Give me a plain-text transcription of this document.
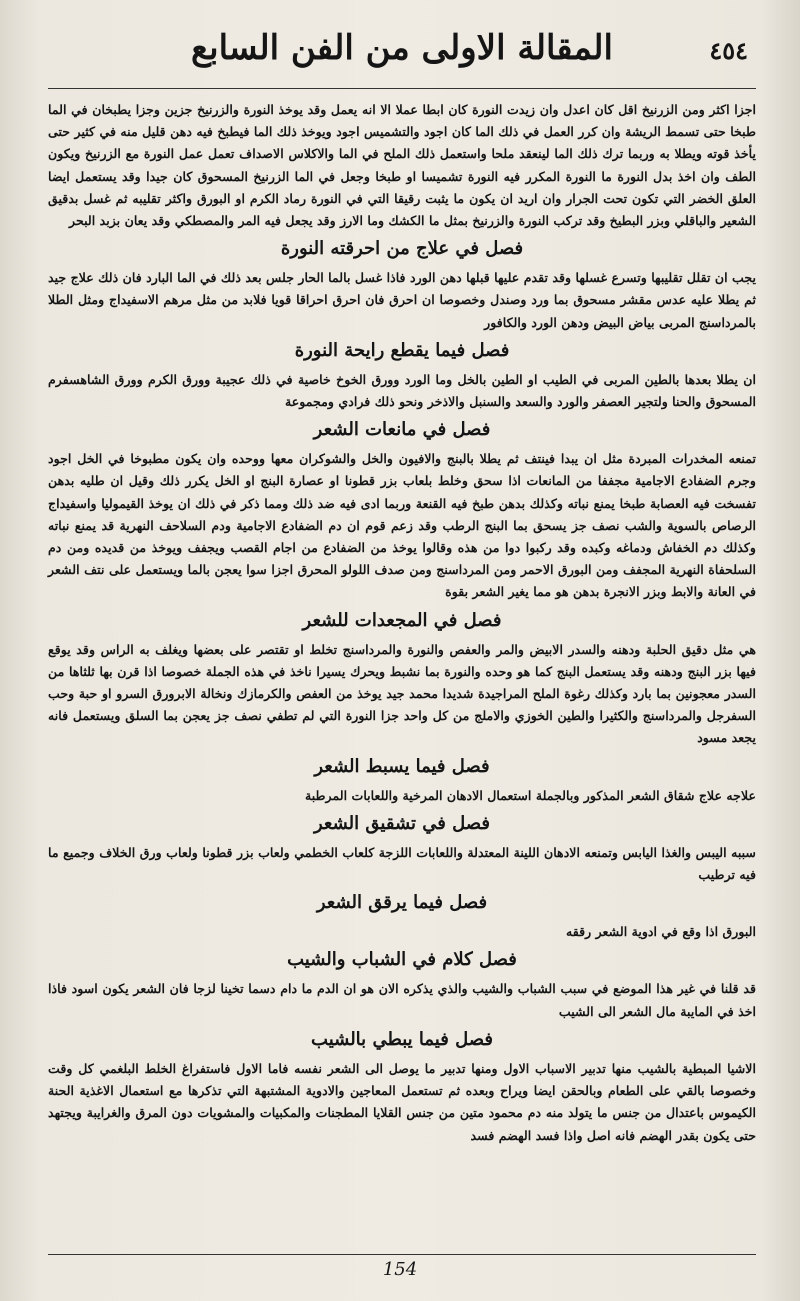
المقالة الاولى من الفن السابع	٤٥٤

اجزا اكثر ومن الزرنيخ اقل كان اعدل وان زيدت النورة كان ابطا عملا الا انه يعمل وقد يوخذ النورة والزرنيخ جزين وجزا يطبخان في الما طبخا حتى تسمط الريشة وان كرر العمل في ذلك الما كان اجود والتشميس اجود ويوخذ ذلك الما فيطبخ فيه دهن قليل منه في كثير حتى يأخذ قوته ويطلا به وربما ترك ذلك الما لينعقد ملحا واستعمل ذلك الملح في الما والاكلاس الاصداف تعمل عمل النورة مع الزرنيخ ويكون الطف وان اخذ بدل النورة ما النورة المكرر فيه النورة تشميسا او طبخا وجعل في الما الزرنيخ المسحوق كان جيدا وقد يستعمل ايضا العلق الخضر التي تكون تحت الجرار وان اريد ان يكون ما يثبت رقيقا التي في النورة رماد الكرم او البورق واكثر تقليبه ثم غسل بدقيق الشعير والباقلي وبزر البطيخ وقد تركب النورة والزرنيخ بمثل ما الكشك وما الارز وقد يجعل فيه المر والمصطكي وقد يعان بزبد البحر

فصل في علاج من احرقته النورة

يجب ان تقلل تقليبها وتسرع غسلها وقد تقدم عليها قبلها دهن الورد فاذا غسل بالما الحار جلس بعد ذلك في الما البارد فان ذلك علاج جيد ثم يطلا عليه عدس مقشر مسحوق بما ورد وصندل وخصوصا ان احرق فان احرق احراقا قويا فلابد من مثل مرهم الاسفيداج ومثل الطلا بالمرداسنج المربى بياض البيض ودهن الورد والكافور

فصل فيما يقطع رايحة النورة

ان يطلا بعدها بالطين المربى في الطيب او الطين بالخل وما الورد وورق الخوخ خاصية في ذلك عجيبة وورق الكرم وورق الشاهسفرم المسحوق والحنا ولتجير العصفر والورد والسعد والسنبل والاذخر ونحو ذلك فرادي ومجموعة

فصل في مانعات الشعر

تمنعه المخدرات المبردة مثل ان يبدا فينتف ثم يطلا بالبنج والافيون والخل والشوكران معها ووحده وان يكون مطبوخا في الخل اجود وجرم الضفادع الاجامية مجففا من المانعات اذا سحق وخلط بلعاب بزر قطونا او عصارة البنج او الخل يكرر ذلك وقيل ان طليه بدهن تفسخت فيه العصابة طبخا يمنع نباته وكذلك بدهن طبخ فيه القنعة وربما ادى فيه ضد ذلك ومما ذكر في ذلك ان يوخذ القيموليا واسفيداج الرصاص بالسوية والشب نصف جز يسحق بما البنج الرطب وقد زعم قوم ان دم الضفادع الاجامية ودم السلاحف النهرية قد يمنع نباته وكذلك دم الخفاش ودماغه وكبده وقد ركبوا دوا من هذه وقالوا يوخذ من الضفادع من اجام القصب ويجفف ويوخذ من قديده ومن دم السلحفاة النهرية المجفف ومن البورق الاحمر ومن المرداسنج ومن صدف اللولو المحرق اجزا سوا يعجن بالما ويستعمل على نتف الشعر في العانة والابط وبزر الانجرة بدهن هو مما يغير الشعر بقوة

فصل في المجعدات للشعر

هي مثل دقيق الحلبة ودهنه والسدر الابيض والمر والعفص والنورة والمرداسنج تخلط او تقتصر على بعضها ويغلف به الراس وقد يوقع فيها بزر البنج ودهنه وقد يستعمل البنج كما هو وحده والنورة بما نشبط ويحرك يسيرا ناخذ في هذه الجملة خصوصا اذا قرن بها ثلثاها من السدر معجونين بما بارد وكذلك رغوة الملح المراجيدة شديدا محمد جيد يوخذ من العفص والكرمازك ونخالة الابرورق السرو او حبة وحب السفرجل والمرداسنج والكثيرا والطين الخوزي والاملج من كل واحد جزا النورة التي لم تطفي نصف جز يعجن بما السلق ويستعمل فانه يجعد مسود

فصل فيما يسبط الشعر

علاجه علاج شقاق الشعر المذكور وبالجملة استعمال الادهان المرخية واللعابات المرطبة

فصل في تشقيق الشعر

سببه اليبس والغذا اليابس وتمنعه الادهان اللينة المعتدلة واللعابات اللزجة كلعاب الخطمي ولعاب بزر قطونا ولعاب ورق الخلاف وجميع ما فيه ترطيب

فصل فيما يرقق الشعر

البورق اذا وقع في ادوية الشعر رققه

فصل كلام في الشباب والشيب

قد قلنا في غير هذا الموضع في سبب الشباب والشيب والذي يذكره الان هو ان الدم ما دام دسما تخينا لزجا فان الشعر يكون اسود فاذا اخذ في المايبة مال الشعر الى الشيب

فصل فيما يبطي بالشيب

الاشيا المبطية بالشيب منها تدبير الاسباب الاول ومنها تدبير ما يوصل الى الشعر نفسه فاما الاول فاستفراغ الخلط البلغمي كل وقت وخصوصا بالقي على الطعام وبالحقن ايضا ويراح وبعده ثم تستعمل المعاجين والادوية المشتبهة التي تذكرها مع استعمال الاغذية الحنة الكيموس باعتدال من جنس ما يتولد منه دم محمود متين من جنس القلايا المطجنات والمكبيات والمشويات دون المرق والغرايبة ويجتهد حتى يكون بقدر الهضم فانه اصل واذا فسد الهضم فسد

154
